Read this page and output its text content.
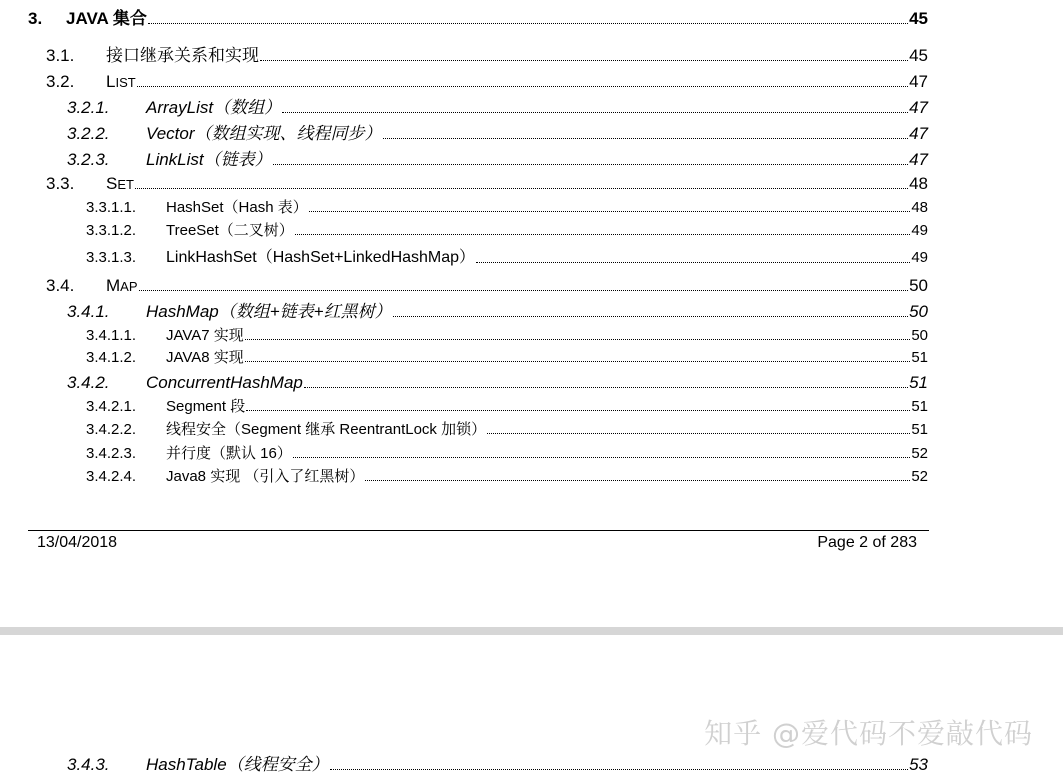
3.	JAVA 集合	45
3.1.	接口继承关系和实现	45
3.2.	LIST	47
3.2.1.	ArrayList（数组）	47
3.2.2.	Vector（数组实现、线程同步）	47
3.2.3.	LinkList（链表）	47
3.3.	SET	48
3.3.1.1.	HashSet（Hash 表）	48
3.3.1.2.	TreeSet（二叉树）	49
3.3.1.3.	LinkHashSet（HashSet+LinkedHashMap）	49
3.4.	MAP	50
3.4.1.	HashMap（数组+链表+红黑树）	50
3.4.1.1.	JAVA7 实现	50
3.4.1.2.	JAVA8 实现	51
3.4.2.	ConcurrentHashMap	51
3.4.2.1.	Segment 段	51
3.4.2.2.	线程安全（Segment 继承 ReentrantLock 加锁）	51
3.4.2.3.	并行度（默认 16）	52
3.4.2.4.	Java8 实现 （引入了红黑树）	52
13/04/2018	Page 2 of 283
3.4.3.	HashTable（线程安全）	53
知乎 @爱代码不爱敲代码
